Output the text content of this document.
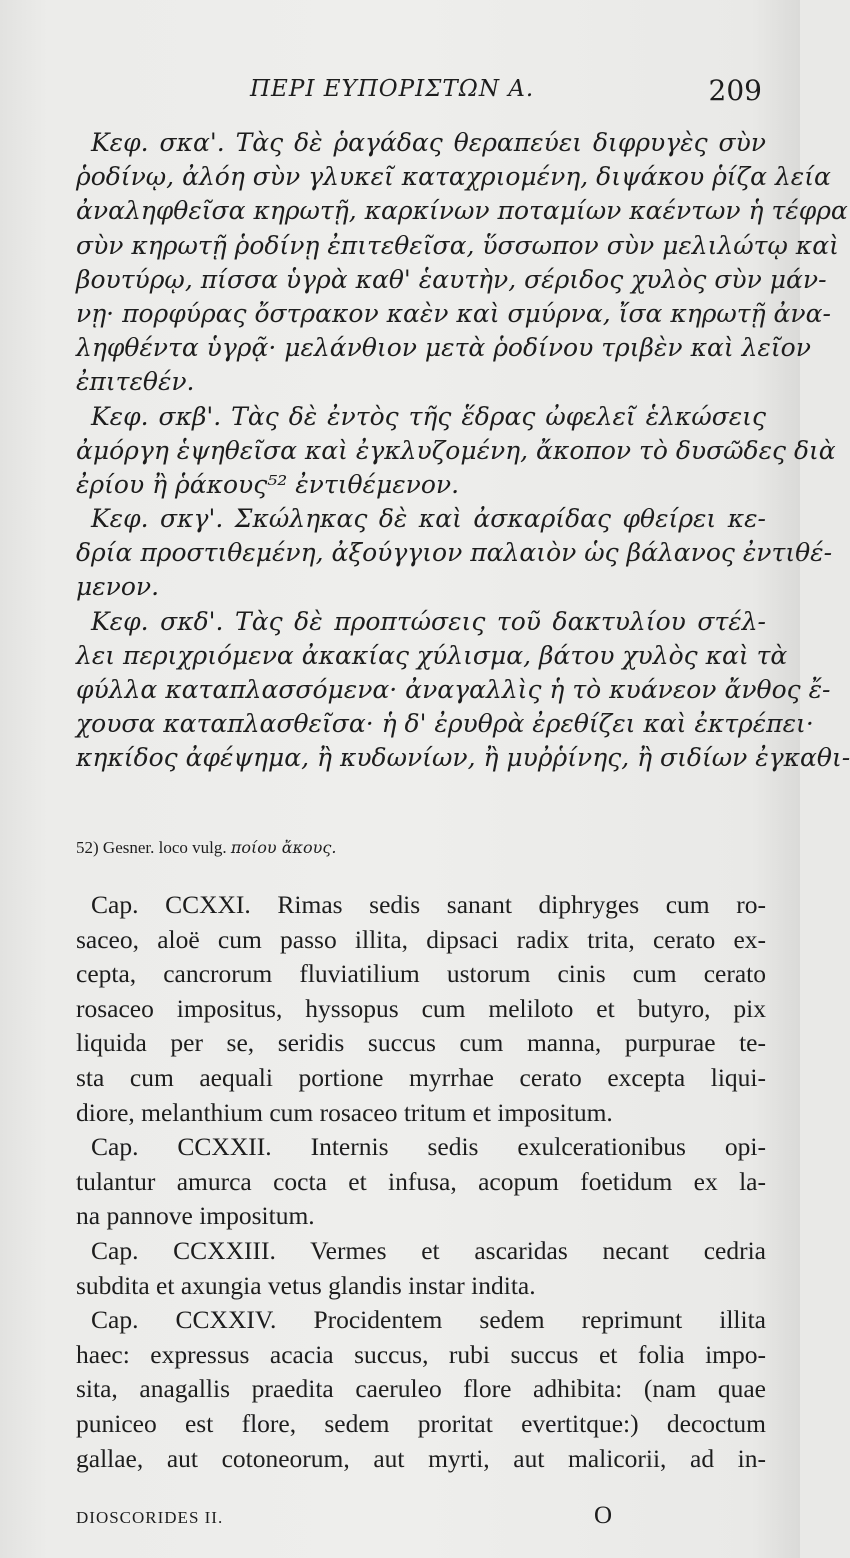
ΠΕΡΙ ΕΥΠΟΡΙΣΤΩΝ Α.	209
Κεφ. σκα'. Τὰς δὲ ῥαγάδας θεραπεύει διφρυγὲς σὺν
ῥοδίνῳ, ἀλόη σὺν γλυκεῖ καταχριομένη, διψάκου ῥίζα λεία
ἀναληφθεῖσα κηρωτῇ, καρκίνων ποταμίων καέντων ἡ τέφρα
σὺν κηρωτῇ ῥοδίνῃ ἐπιτεθεῖσα, ὕσσωπον σὺν μελιλώτῳ καὶ
βουτύρῳ, πίσσα ὑγρὰ καθ' ἑαυτὴν, σέριδος χυλὸς σὺν μάν-
νῃ· πορφύρας ὄστρακον καὲν καὶ σμύρνα, ἴσα κηρωτῇ ἀνα-
ληφθέντα ὑγρᾷ· μελάνθιον μετὰ ῥοδίνου τριβὲν καὶ λεῖον
ἐπιτεθέν.
Κεφ. σκβ'. Τὰς δὲ ἐντὸς τῆς ἕδρας ὠφελεῖ ἑλκώσεις
ἀμόργη ἑψηθεῖσα καὶ ἐγκλυζομένη, ἄκοπον τὸ δυσῶδες διὰ
ἐρίου ἢ ῥάκους⁵² ἐντιθέμενον.
Κεφ. σκγ'. Σκώληκας δὲ καὶ ἀσκαρίδας φθείρει κε-
δρία προστιθεμένη, ἀξούγγιον παλαιὸν ὡς βάλανος ἐντιθέ-
μενον.
Κεφ. σκδ'. Τὰς δὲ προπτώσεις τοῦ δακτυλίου στέλ-
λει περιχριόμενα ἀκακίας χύλισμα, βάτου χυλὸς καὶ τὰ
φύλλα καταπλασσόμενα· ἀναγαλλὶς ἡ τὸ κυάνεον ἄνθος ἔ-
χουσα καταπλασθεῖσα· ἡ δ' ἐρυθρὰ ἐρεθίζει καὶ ἐκτρέπει·
κηκίδος ἀφέψημα, ἢ κυδωνίων, ἢ μυῤῥίνης, ἢ σιδίων ἐγκαθι-
52) Gesner. loco vulg. ποίου ἄκους.
Cap. CCXXI. Rimas sedis sanant diphryges cum ro-
saceo, aloë cum passo illita, dipsaci radix trita, cerato ex-
cepta, cancrorum fluviatilium ustorum cinis cum cerato
rosaceo impositus, hyssopus cum meliloto et butyro, pix
liquida per se, seridis succus cum manna, purpurae te-
sta cum aequali portione myrrhae cerato excepta liqui-
diore, melanthium cum rosaceo tritum et impositum.
Cap. CCXXII. Internis sedis exulcerationibus opi-
tulantur amurca cocta et infusa, acopum foetidum ex la-
na pannove impositum.
Cap. CCXXIII. Vermes et ascaridas necant cedria
subdita et axungia vetus glandis instar indita.
Cap. CCXXIV. Procidentem sedem reprimunt illita
haec: expressus acacia succus, rubi succus et folia impo-
sita, anagallis praedita caeruleo flore adhibita: (nam quae
puniceo est flore, sedem proritat evertitque:) decoctum
gallae, aut cotoneorum, aut myrti, aut malicorii, ad in-
DIOSCORIDES II.	O
